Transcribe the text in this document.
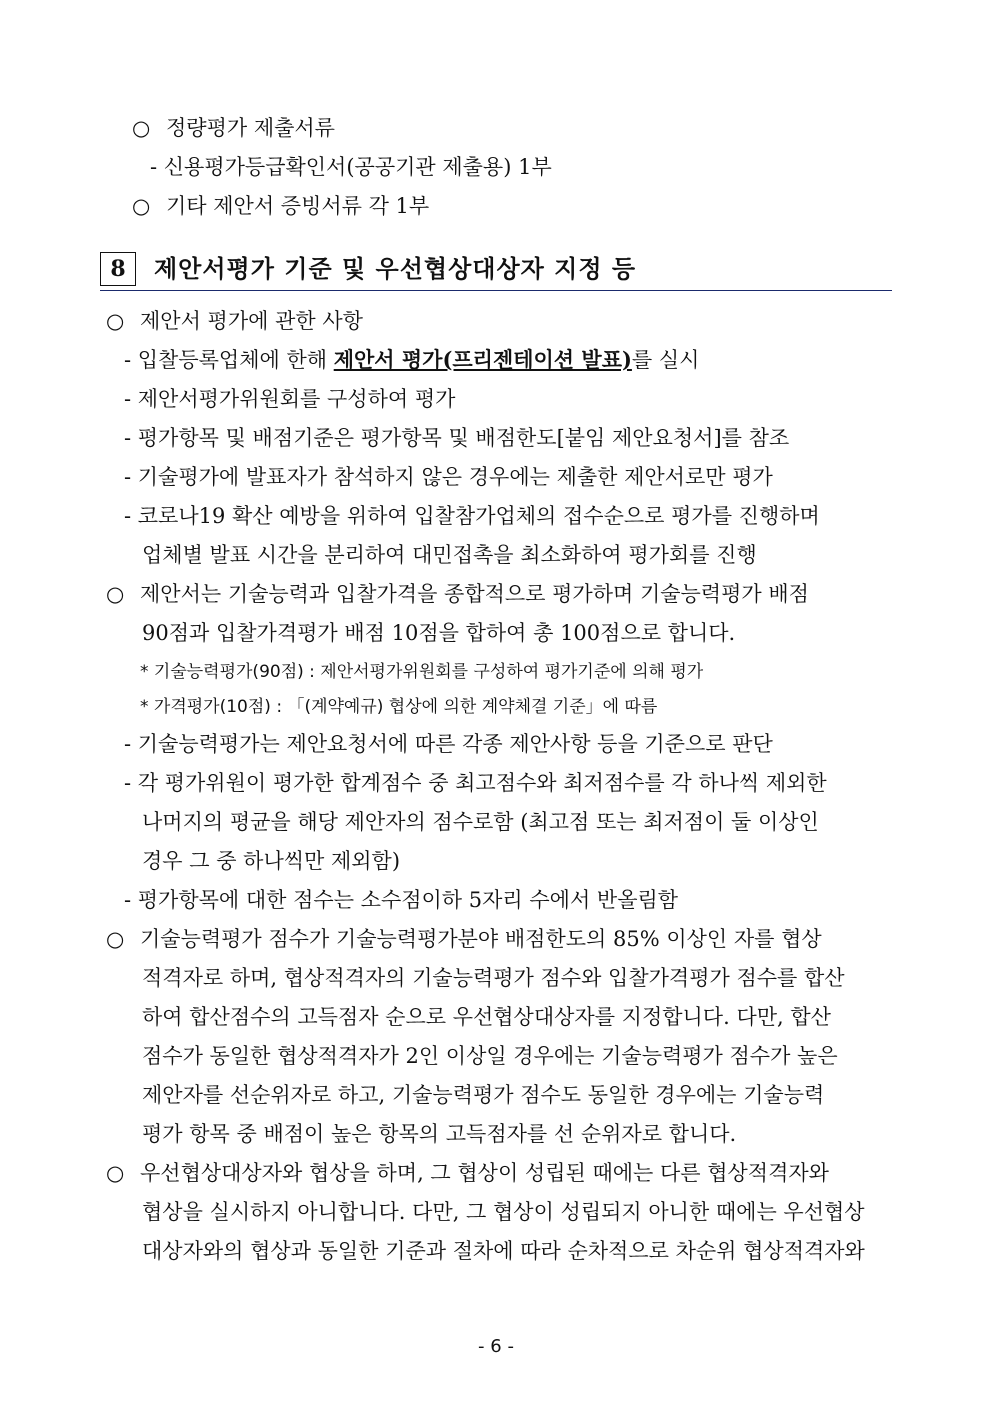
○ 정량평가 제출서류
- 신용평가등급확인서(공공기관 제출용) 1부
○ 기타 제안서 증빙서류 각 1부
8	제안서평가 기준 및 우선협상대상자 지정 등
○ 제안서 평가에 관한 사항
- 입찰등록업체에 한해 제안서 평가(프리젠테이션 발표)를 실시
- 제안서평가위원회를 구성하여 평가
- 평가항목 및 배점기준은 평가항목 및 배점한도[붙임 제안요청서]를 참조
- 기술평가에 발표자가 참석하지 않은 경우에는 제출한 제안서로만 평가
- 코로나19 확산 예방을 위하여 입찰참가업체의 접수순으로 평가를 진행하며
업체별 발표 시간을 분리하여 대민접촉을 최소화하여 평가회를 진행
○ 제안서는 기술능력과 입찰가격을 종합적으로 평가하며 기술능력평가 배점
90점과 입찰가격평가 배점 10점을 합하여 총 100점으로 합니다.
* 기술능력평가(90점) : 제안서평가위원회를 구성하여 평가기준에 의해 평가
* 가격평가(10점) : 「(계약예규) 협상에 의한 계약체결 기준」에 따름
- 기술능력평가는 제안요청서에 따른 각종 제안사항 등을 기준으로 판단
- 각 평가위원이 평가한 합계점수 중 최고점수와 최저점수를 각 하나씩 제외한
나머지의 평균을 해당 제안자의 점수로함 (최고점 또는 최저점이 둘 이상인
경우 그 중 하나씩만 제외함)
- 평가항목에 대한 점수는 소수점이하 5자리 수에서 반올림함
○ 기술능력평가 점수가 기술능력평가분야 배점한도의 85% 이상인 자를 협상
적격자로 하며, 협상적격자의 기술능력평가 점수와 입찰가격평가 점수를 합산
하여 합산점수의 고득점자 순으로 우선협상대상자를 지정합니다. 다만, 합산
점수가 동일한 협상적격자가 2인 이상일 경우에는 기술능력평가 점수가 높은
제안자를 선순위자로 하고, 기술능력평가 점수도 동일한 경우에는 기술능력
평가 항목 중 배점이 높은 항목의 고득점자를 선 순위자로 합니다.
○ 우선협상대상자와 협상을 하며, 그 협상이 성립된 때에는 다른 협상적격자와
협상을 실시하지 아니합니다. 다만, 그 협상이 성립되지 아니한 때에는 우선협상
대상자와의 협상과 동일한 기준과 절차에 따라 순차적으로 차순위 협상적격자와
- 6 -
